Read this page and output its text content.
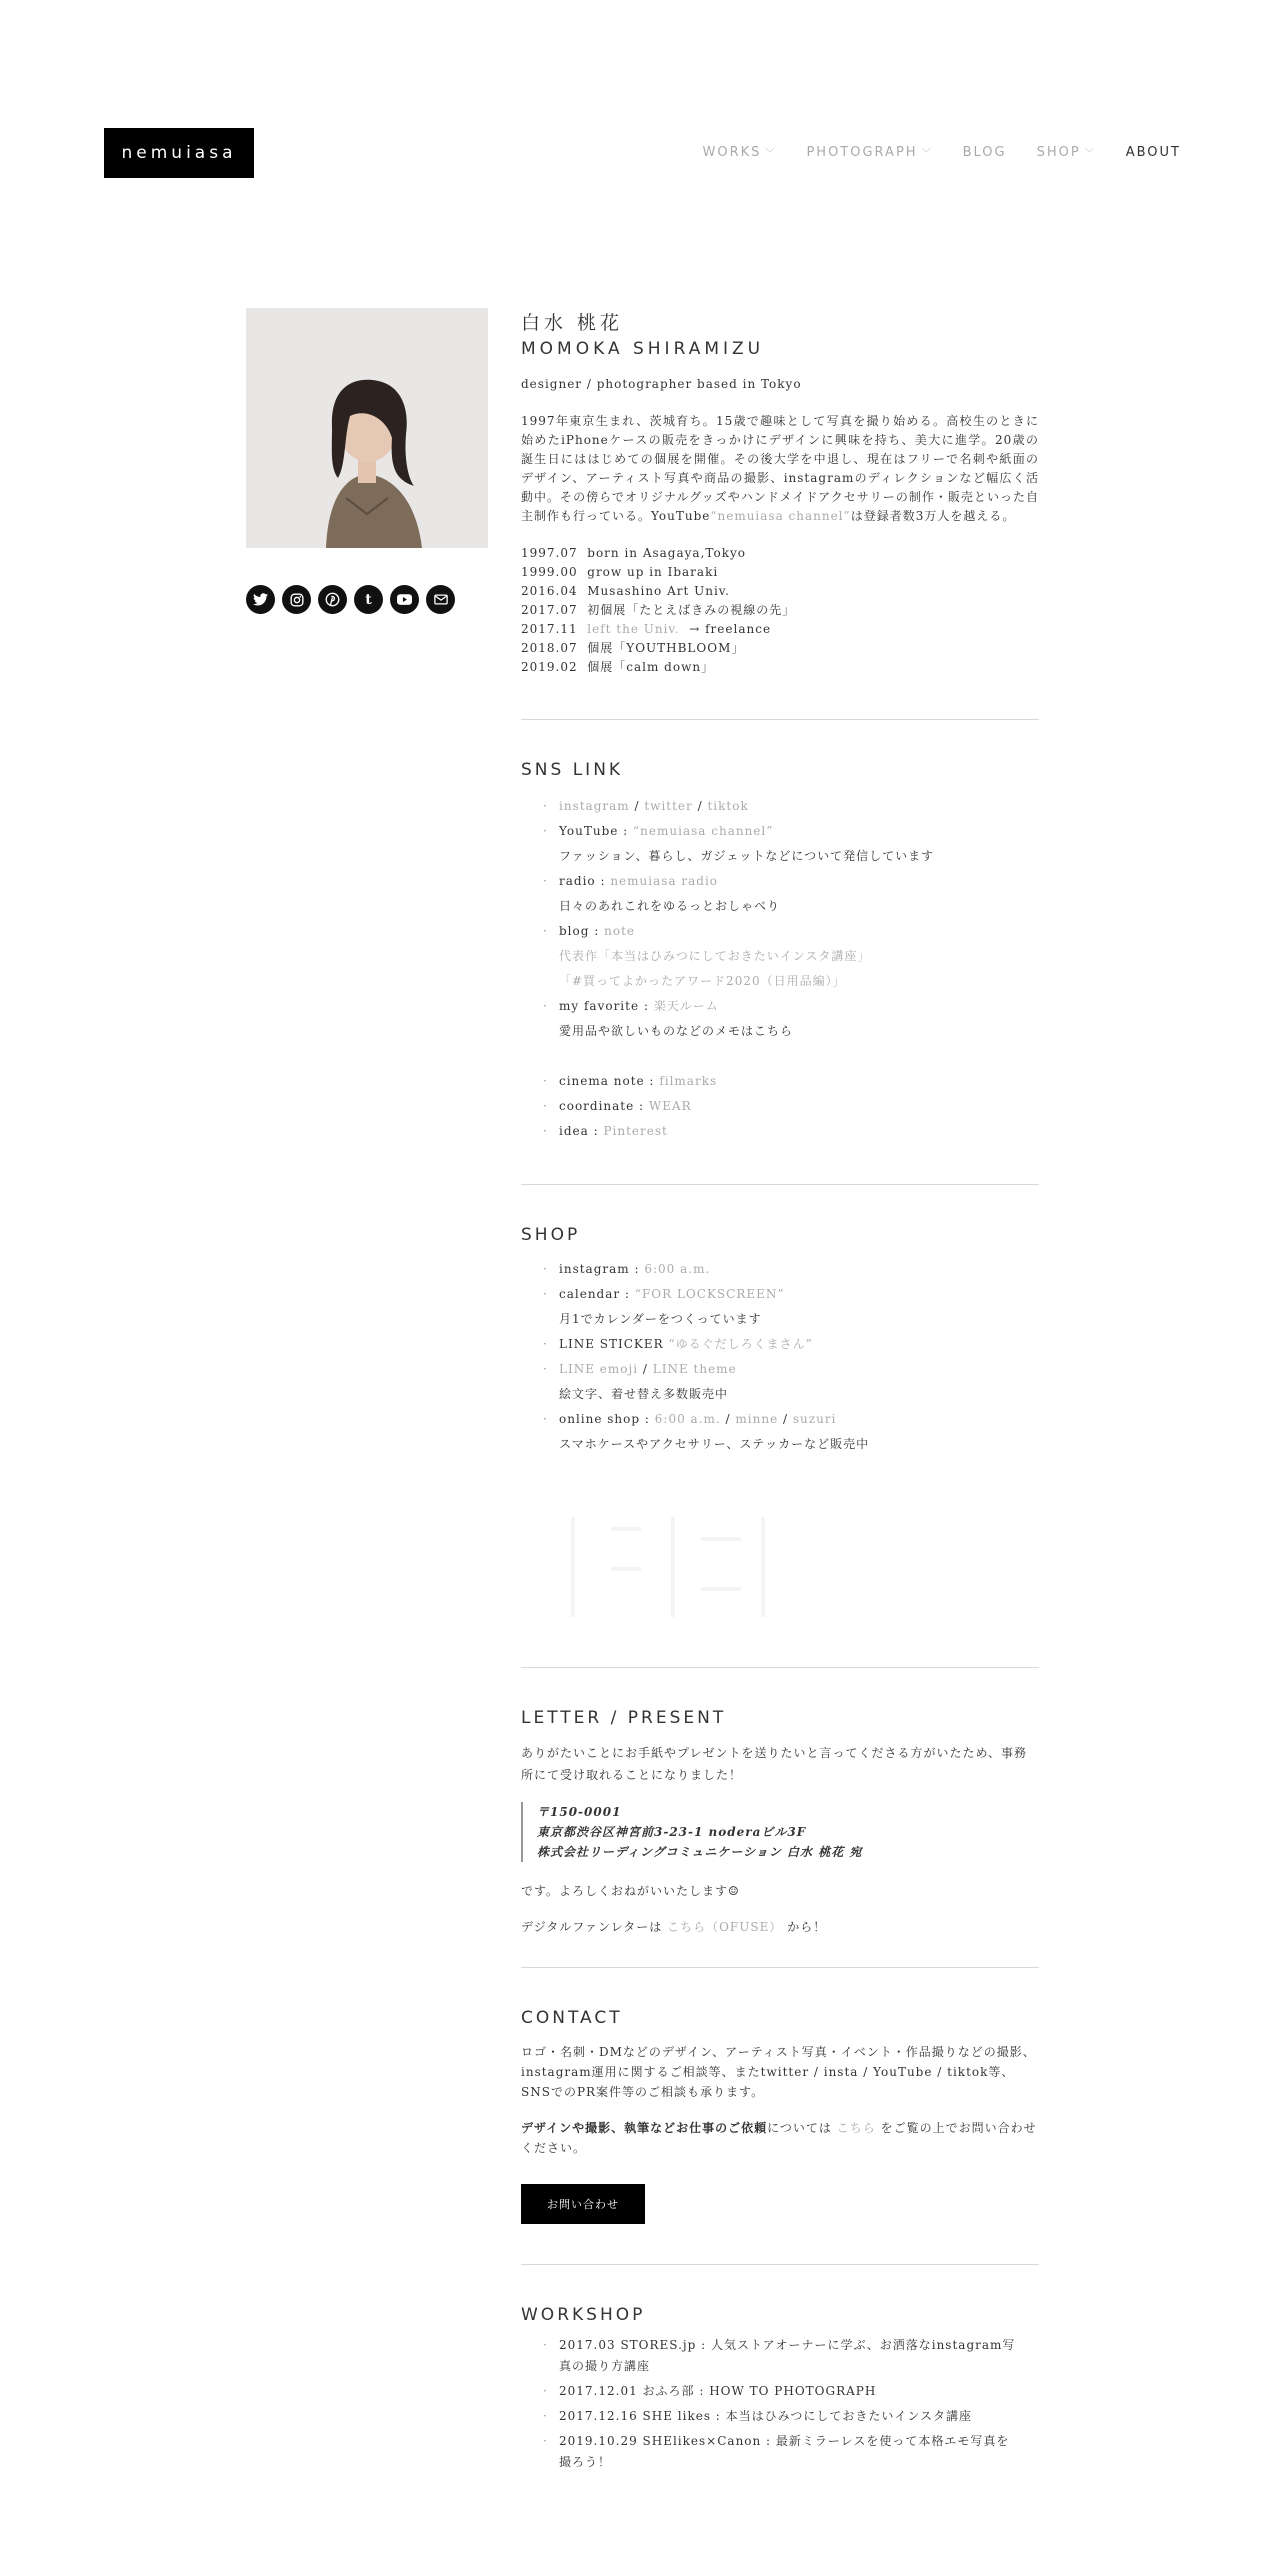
nemuiasa	WORKS ﹀ PHOTOGRAPH ﹀ BLOG SHOP ﹀ ABOUT
t
白水 桃花
MOMOKA SHIRAMIZU
designer / photographer based in Tokyo
1997年東京生まれ、茨城育ち。15歳で趣味として写真を撮り始める。高校生のときに始めたiPhoneケースの販売をきっかけにデザインに興味を持ち、美大に進学。20歳の誕生日にははじめての個展を開催。その後大学を中退し、現在はフリーで名刺や紙面のデザイン、アーティスト写真や商品の撮影、instagramのディレクションなど幅広く活動中。その傍らでオリジナルグッズやハンドメイドアクセサリーの制作・販売といった自主制作も行っている。YouTube“nemuiasa channel”は登録者数3万人を越える。
1997.07 born in Asagaya,Tokyo
1999.00 grow up in Ibaraki
2016.04 Musashino Art Univ.
2017.07 初個展「たとえばきみの視線の先」
2017.11 left the Univ. → freelance
2018.07 個展「YOUTHBLOOM」
2019.02 個展「calm down」
SNS LINK
· instagram / twitter / tiktok
· YouTube : “nemuiasa channel”
ファッション、暮らし、ガジェットなどについて発信しています
· radio : nemuiasa radio
日々のあれこれをゆるっとおしゃべり
· blog : note
代表作「本当はひみつにしておきたいインスタ講座」
「#買ってよかったアワード2020（日用品編）」
· my favorite : 楽天ルーム
愛用品や欲しいものなどのメモはこちら
· cinema note : filmarks
· coordinate : WEAR
· idea : Pinterest
SHOP
· instagram : 6:00 a.m.
· calendar : “FOR LOCKSCREEN”
月1でカレンダーをつくっています
· LINE STICKER “ゆるぐだしろくまさん”
· LINE emoji / LINE theme
絵文字、着せ替え多数販売中
· online shop : 6:00 a.m. / minne / suzuri
スマホケースやアクセサリー、ステッカーなど販売中
LETTER / PRESENT
ありがたいことにお手紙やプレゼントを送りたいと言ってくださる方がいたため、事務所にて受け取れることになりました！
〒150-0001
東京都渋谷区神宮前3-23-1 noderaビル3F
株式会社リーディングコミュニケーション 白水 桃花 宛
です。よろしくおねがいいたします☺
デジタルファンレターは こちら（OFUSE） から！
CONTACT
ロゴ・名刺・DMなどのデザイン、アーティスト写真・イベント・作品撮りなどの撮影、instagram運用に関するご相談等、またtwitter / insta / YouTube / tiktok等、SNSでのPR案件等のご相談も承ります。
デザインや撮影、執筆などお仕事のご依頼については こちら をご覧の上でお問い合わせください。
お問い合わせ
WORKSHOP
· 2017.03 STORES.jp : 人気ストアオーナーに学ぶ、お洒落なinstagram写
真の撮り方講座
· 2017.12.01 おふろ部 : HOW TO PHOTOGRAPH
· 2017.12.16 SHE likes : 本当はひみつにしておきたいインスタ講座
· 2019.10.29 SHElikes×Canon : 最新ミラーレスを使って本格エモ写真を
撮ろう！
